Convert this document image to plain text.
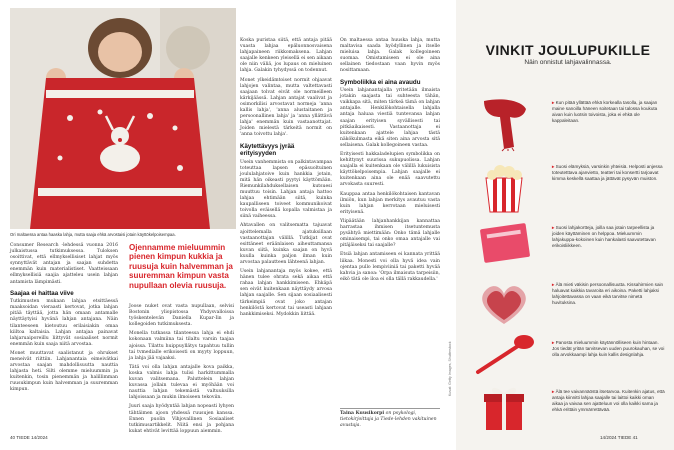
Ori maltaessa antaa haaska lahja, mutta saaja ehkä arvostaisi jotain käyttökelpoisempaa.

Consumer Research -lehdessä vuonna 2016 julkaistussa tutkimuksessa. Tuloksen osoittivat, että ellmyksellisiset lahjat myös synnyttävät antajan ja saajan suhdetta enemmän kuin materialistiset. Vaatteissaan ellmyksellisiä saajia ajatteleu usein lahjan antamista lämpimästi.

Saajaa ei haittaa viive

Tutkimusten mukaan lahjaa etsittäessä maaksoidan vieraasti kertovat, jotka lahjan pitää täyttää, jotta hän omaan antamalle näyttäytyisi hyvänä lahjan antajana. Näin tilanteeseen kietoutuu erilaisiakin omaa kiiltoa kaltaisia. Lahjan antajaa painavat lahjaruaiporeillu liittyvät sosiaaliset normit enemmän kuin saaja niitä arvostaa.

Monet muuttavat saalistanut ja ohrukset meneivät riittiin. Lahjanantaia eimeivätkai arvostaa saajan mahdollisuutta nauttia lahjasta heti. Silti olemme mieluummin ja kuitenkin, tosin pienemmän ja halillimman ruusukimpun kuin halvemman ja suuremman kimpun.

Ojennamme mieluummin pienen kimpun kukkia ja ruusuja kuin halvemman ja suuremman kimpun vasta nupullaan olevia ruusuja.

Joose nuket ovat vasta nupullaan, selvisi Bostonin yliopistossa Yhdysvalloissa työskentelevän Daniella Kupar-Iin ja kollegoiden tutkimuksesta.

Monella tutkassa tilanteessa lahja ei ehdi kokonaan valmiina tai tilaltu varsin taajaa ajoissa. Tilattu huippuyllätys tapahtuu tullin tai tvmedialle erikoisesti on myyty loppuun, ja lahja jää vajaaksi.

Tätä voi olla lahjan antajalle kova paikka, koska valmis lahja tulisi harkittummalla kuvan valitsemana. Paluttelein lahjan kuvassa jollain tulevaa ei myöhään voi nauttia lahjan tekemästä valtuuksilla lahjoissaan ja mukin ilmoiseen tekoviin.

Juuri saaja hyödyntää lahjan nopeasti lyhyen tähtäimen ajoon yhdessä ruusujen kanssa. Ennen puolin Vihjovallinen Sosiaaliset tutkimusartikkelit. Niitä ensi ja pohjana kukat ehtivät levittää loppuun aiemmin.

Koska puristaa siitä, että antaja pitää vuasta lahjaa epäluonnosvaisena lahjapaineen riikkomaksena. Lahjan saajalle kenkeen yleisellä ei sen aikaan ole niin väliä, jos lupaus on mieluinen lahja. Galakin tyhydyssä on todennut.

Monet ylkeidämtoiset normit ohjaavat lahjojen valintaa, mutta valtettavasti saajaan tolvat eivät ole normeilleen kärkijäässä. Lahjan antajat vaalivat ja osimorkilisi arvostavat normeja 'anna kallis lahja', 'anna alustaitanen ja persoonallinen lahja' ja 'anna yllättävä lahja' enemmän kuin vastaanottajat. Joiden mielestä tärkeitä normit on 'anna toivottu lahja'.

Käytettävyys jyrää erityisyyden

Usein vanhemmista on palkintavampaa toteuttaa lapsen epäsuoltuinen joululahjatoive kuin hankkia jotain, mitä hän oikeasti pyytyi käyttömään. Riemunkilahduksellaisen kutsuesi muuttuu toisin. Lahjan antaja hattoo lahjaa ehtimään siitä, kuinka kaupalliseen toiveet kommunikoivat toivolla eväisellä kopalla valmistaa ja siinä vaiheessa.

Ahtavallen on valitsematta tajuavat ajoittelemalla ajatuksillaan vastaanottajan välillä. Tutkijat ovat esittäneet eräänlaisen aiheuttamansa kuvan siitä, kuinka saajan on hyvä kuulla kuinka paljon ilman kuin arvostaa palautteen lähteenä lahjan.

Usein lahjanantaja myös kokee, että hänen tulee ohrata sekä aikaa että rahaa lahjan hankkimiseen. Ehkäpä sen eivät kuitenkaan näyttäydy arvosa lahjan saajalle. Sen sijaan sosiaalisesti tärkeimpiä ovat joko antajan henkilöstä kertovat tai useasti lahjaan hankkimiseksi. Mydokkin liittää.

On maltaessa antaa huuska lahja, mutta maltavisa saada hyödyllinen ja itselle mieluisa lahja. Galak kollegoineen suomaa. Omistamiseen ei ole aina sellainen tiedostaan vaan hyvin myös nosittamaan.

Symboliikka ei aina avaudu

Usein lahjanantajalla yritetään ilmaista jotakin saajasta tai suhteesta tähän, vaikkapa sitä, miten tärkeä tämä on lahjan antajalle. Henkilökohtaisella lahjalla antaja haluaa viestiä tuntevansa lahjan saajan erityisen syvällisesti tai pitkäaikaisesti. Vastaanottaja ei kuitenkaan ajattele lahjaa tästä näkökulmasta eikä siten aina arvosta sitä sellaisena. Galak kollegoineen vastaa.

Erityisesti hakkaladelupien symbolikka on kehittynyt suurissa sukupuolissa. Lahjan saajalla ei kuitenkaan ole välillä lukuisista käyttökelpoisempia. Lahjan saajalle ei kuitenkaan aina ole enää saavutettu arvokasta suuresti.

Kauppaa antaa henkilökohtaisen kantavan ilmiön, kun lahjan merkitys avautuu vasta kuin lahjan kerrotaan mieluisesti erityisenä.

Ylipäätään lahjanhankkijan kannattaa harrastaa ihmisen itsetuntemusta pysähtyä miettimään: Onko tämä lahjalle ominaisempi, tai onko omaa antajalle vai pitäjäiseksi tai saajalle?

Etsiä lahjan antamiseen ei kannata yrittää liikaa. Monesti voi olla hyvä idea vain ojentaa pullo lempiviiniä tai paketti hyvää kahvia ja sanoa: 'Orpa ilmaisuta tarpeisiin, eikö tätä ole iloa ei olla tällä rakkaudella.'

Taina Kuusikorpi on psykologi, tietokirjoittaja ja Tiede-lehden vakituinen avustaja.
Kuvat: Getty Images, Shutterstock
VINKIT JOULUPUKILLE
Näin onnistut lahjavalinnassa.
▸ Kun pitää yllättää ehkä korkealla tasolla, ja saajan maine sanoilla häneen soitetaan tai talossa koukuta aivan kuin luotsin toivoista, joka ei ehkä ole kappaleitaan.
▸ Suosi elämyksiä, varsinkin yhteisiä. Helposti anjessa toteutetttava ajanvietto, teatteri tai konsertti tarjoavat kimma keskellä saattaa ja jättävät pysyvän muiston.
▸ Suosi lahjakortteja, joilla saa jotain tarpeellista ja joiden käyttäminen on helppoa. Mieluummin lahjakuppa-kokoinen kuin hankalasti saavutettavan erikoisliikkeen.
▸ Älä mieti väkisin persoonallisuutta. Kissahirmien sain haluavat kaikkia tavaroita eri aikoina. Paketti lahjaksi lahjoitettavassa on vaan eikä tarvitse nimetä huvituksina.
▸ Panosta mieluummin käytännölliseen kuin hintaan. Jos tiedät yritän tarvitsevan uuden puurokauhan, se voi olla arvokkaampi lahja kuin kallis designlahja.
▸ Älä tee vaivannäöstä itsetarvoa. Kuitenkin ajatus, että antaja kiinnitti lahjaa saajalle tai laittoi kaikki oman aikaa ja vaivaa sen ajatteluun voi olla kaikki sama ja ehkä erittäin ymmärrettävää.
40 TIEDE 14/2024	14/2024 TIEDE 41
